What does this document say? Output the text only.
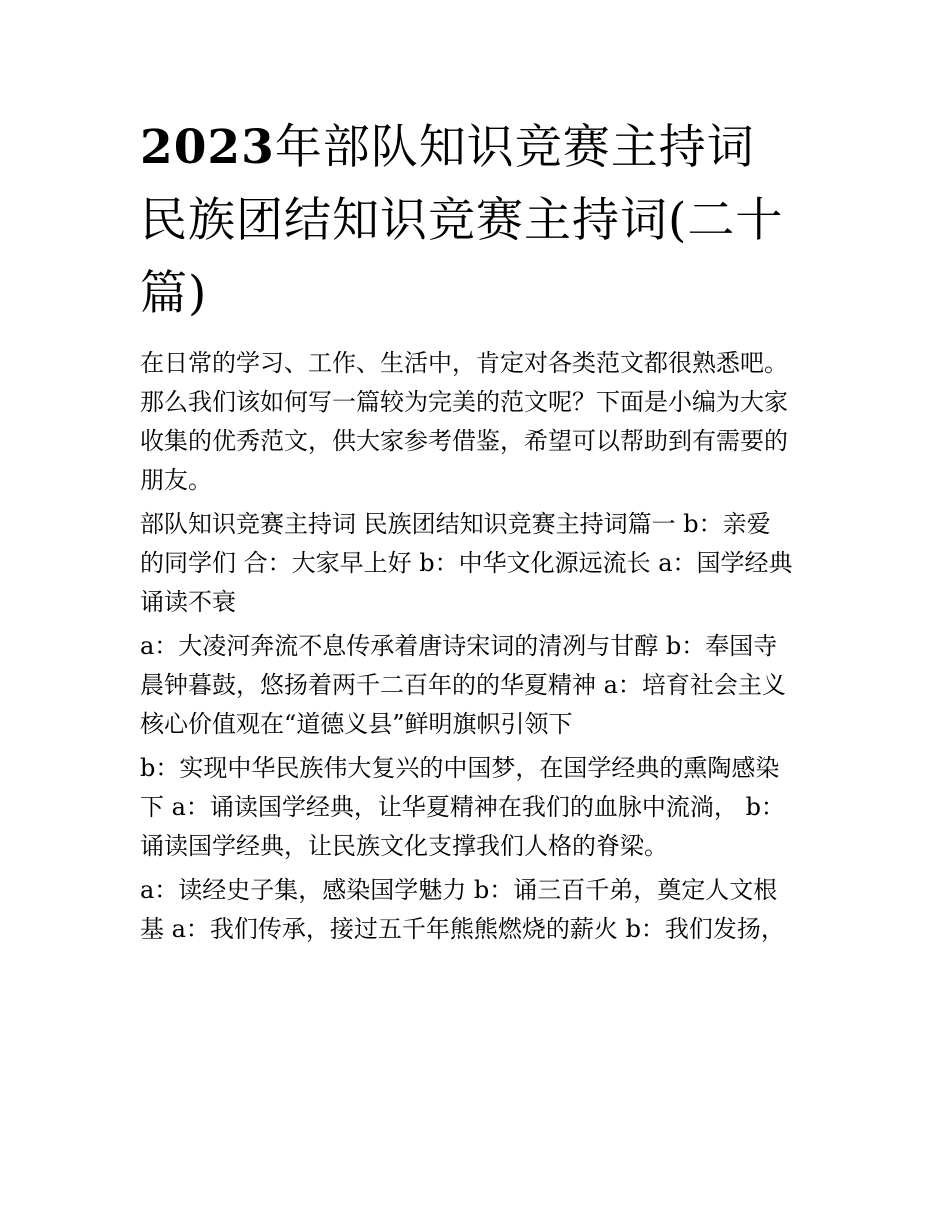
2023年部队知识竞赛主持词
民族团结知识竞赛主持词(二十
篇)

在日常的学习、工作、生活中，肯定对各类范文都很熟悉吧。
那么我们该如何写一篇较为完美的范文呢？下面是小编为大家
收集的优秀范文，供大家参考借鉴，希望可以帮助到有需要的
朋友。

部队知识竞赛主持词 民族团结知识竞赛主持词篇一 b：亲爱
的同学们 合：大家早上好 b：中华文化源远流长 a：国学经典
诵读不衰

a：大凌河奔流不息传承着唐诗宋词的清冽与甘醇 b：奉国寺
晨钟暮鼓，悠扬着两千二百年的的华夏精神 a：培育社会主义
核心价值观在“道德义县”鲜明旗帜引领下

b：实现中华民族伟大复兴的中国梦，在国学经典的熏陶感染
下 a：诵读国学经典，让华夏精神在我们的血脉中流淌， b：
诵读国学经典，让民族文化支撑我们人格的脊梁。

a：读经史子集，感染国学魅力 b：诵三百千弟，奠定人文根
基 a：我们传承，接过五千年熊熊燃烧的薪火 b：我们发扬，
